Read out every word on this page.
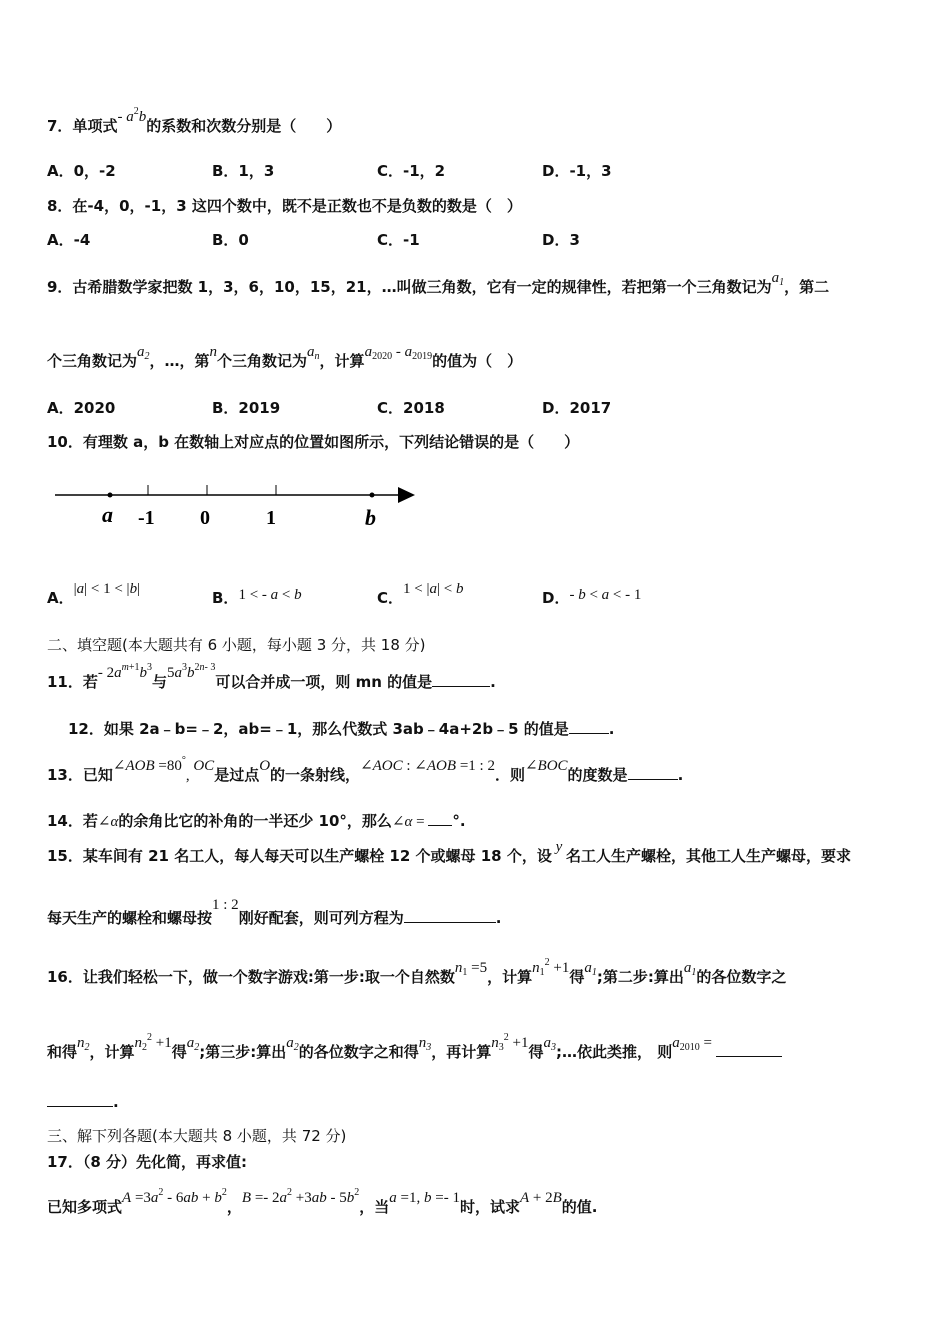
7．单项式- $a^2b$的系数和次数分别是（　　）
A．0，-2	B．1，3	C．-1，2	D．-1，3
8．在-4，0，-1，3 这四个数中，既不是正数也不是负数的数是（　）
A．-4	B．0	C．-1	D．3
9．古希腊数学家把数 1，3，6，10，15，21，…叫做三角数，它有一定的规律性，若把第一个三角数记为$a_1$，第二
个三角数记为$a_2$，…，第n个三角数记为$a_n$，计算$a_{2020} - a_{2019}$的值为（　）
A．2020	B．2019	C．2018	D．2017
10．有理数 a，b 在数轴上对应点的位置如图所示，下列结论错误的是（　　）
a -1 0	1	b
A．|a| < 1 < |b|	B．1 < - a < b	C．1 < |a| < b	D．- b < a < - 1
二、填空题(本大题共有 6 小题，每小题 3 分，共 18 分)
11．若- $2a^{m+1}b^3$与$5a^3b^{2n- 3}$可以合并成一项，则 mn 的值是	.
12．如果 2a﹣b=﹣2，ab=﹣1，那么代数式 3ab﹣4a+2b﹣5 的值是	.
13．已知∠AOB =80°, OC是过点O的一条射线，∠AOC : ∠AOB =1 : 2．则∠BOC的度数是	.
14．若∠α的余角比它的补角的一半还少 10°，那么∠α = °.
15．某车间有 21 名工人，每人每天可以生产螺栓 12 个或螺母 18 个，设 y 名工人生产螺栓，其他工人生产螺母，要求
每天生产的螺栓和螺母按1 : 2刚好配套，则可列方程为	.
16．让我们轻松一下，做一个数字游戏:第一步:取一个自然数$n_1 =5$，计算$n_1^2 +1$得$a_1$;第二步:算出$a_1$的各位数字之
和得$n_2$，计算$n_2^2 +1$得$a_2$;第三步:算出$a_2$的各位数字之和得$n_3$，再计算$n_3^2 +1$得$a_3;\dots$依此类推， 则$a_{2010}$ =
.
三、解下列各题(本大题共 8 小题，共 72 分)
17．（8 分）先化简，再求值:
已知多项式$A =3a^2 - 6ab + b^2$，$B =- 2a^2 +3ab - 5b^2$，当a =1, b =- 1时，试求A + 2B的值.
